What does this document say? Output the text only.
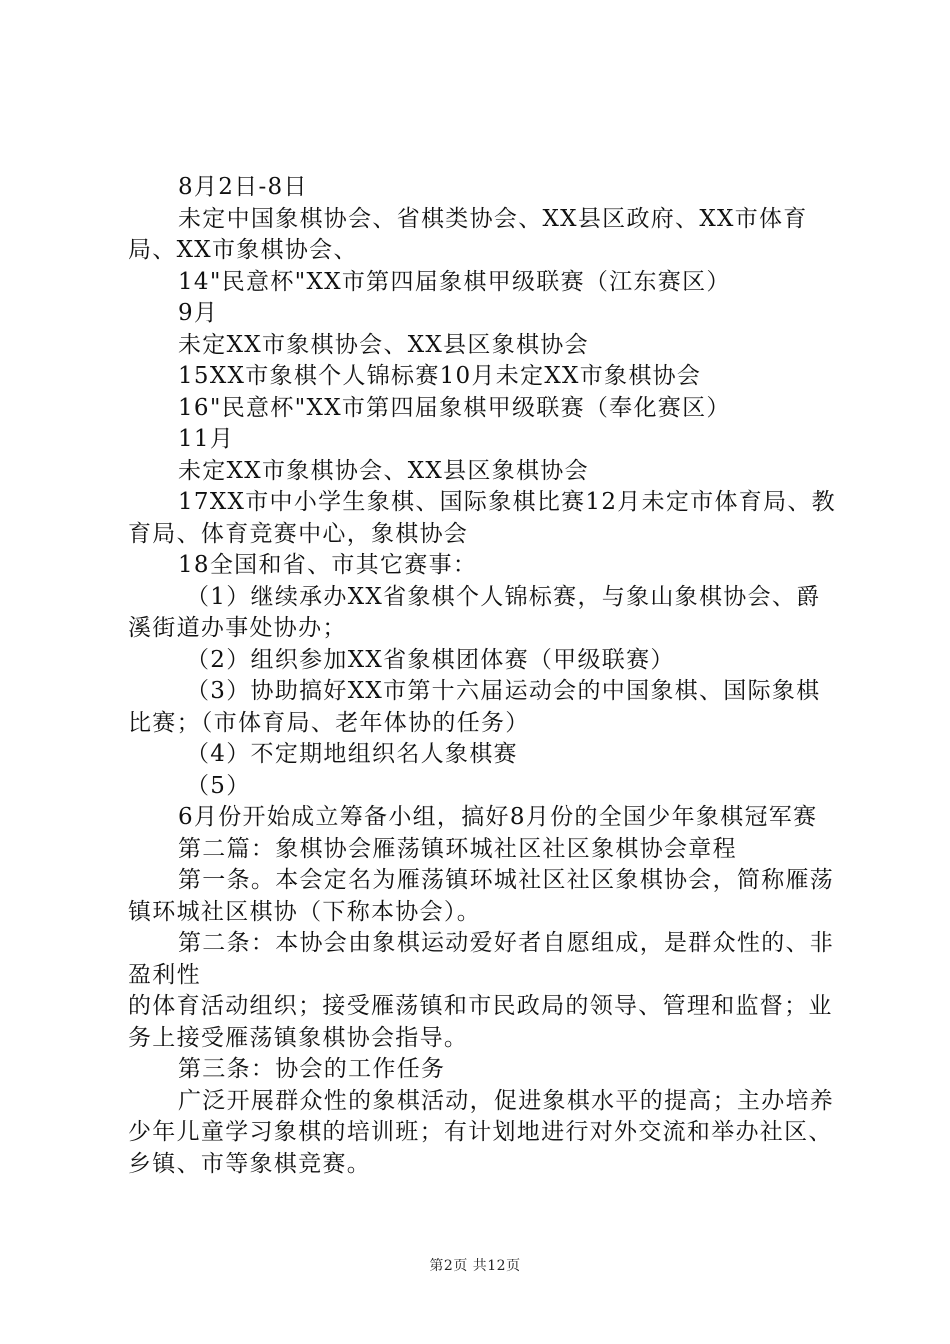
8月2日-8日

未定中国象棋协会、省棋类协会、XX县区政府、XX市体育局、XX市象棋协会、

14"民意杯"XX市第四届象棋甲级联赛（江东赛区）

9月

未定XX市象棋协会、XX县区象棋协会

15XX市象棋个人锦标赛10月未定XX市象棋协会

16"民意杯"XX市第四届象棋甲级联赛（奉化赛区）

11月

未定XX市象棋协会、XX县区象棋协会

17XX市中小学生象棋、国际象棋比赛12月未定市体育局、教育局、体育竞赛中心，象棋协会

18全国和省、市其它赛事：

（1）继续承办XX省象棋个人锦标赛，与象山象棋协会、爵溪街道办事处协办；

（2）组织参加XX省象棋团体赛（甲级联赛）

（3）协助搞好XX市第十六届运动会的中国象棋、国际象棋比赛；（市体育局、老年体协的任务）

（4）不定期地组织名人象棋赛

（5）

6月份开始成立筹备小组，搞好8月份的全国少年象棋冠军赛

第二篇：象棋协会雁荡镇环城社区社区象棋协会章程

第一条。本会定名为雁荡镇环城社区社区象棋协会，简称雁荡镇环城社区棋协（下称本协会）。

第二条：本协会由象棋运动爱好者自愿组成，是群众性的、非盈利性

的体育活动组织；接受雁荡镇和市民政局的领导、管理和监督；业务上接受雁荡镇象棋协会指导。

第三条：协会的工作任务

广泛开展群众性的象棋活动，促进象棋水平的提高；主办培养少年儿童学习象棋的培训班；有计划地进行对外交流和举办社区、乡镇、市等象棋竞赛。

第2页 共12页
